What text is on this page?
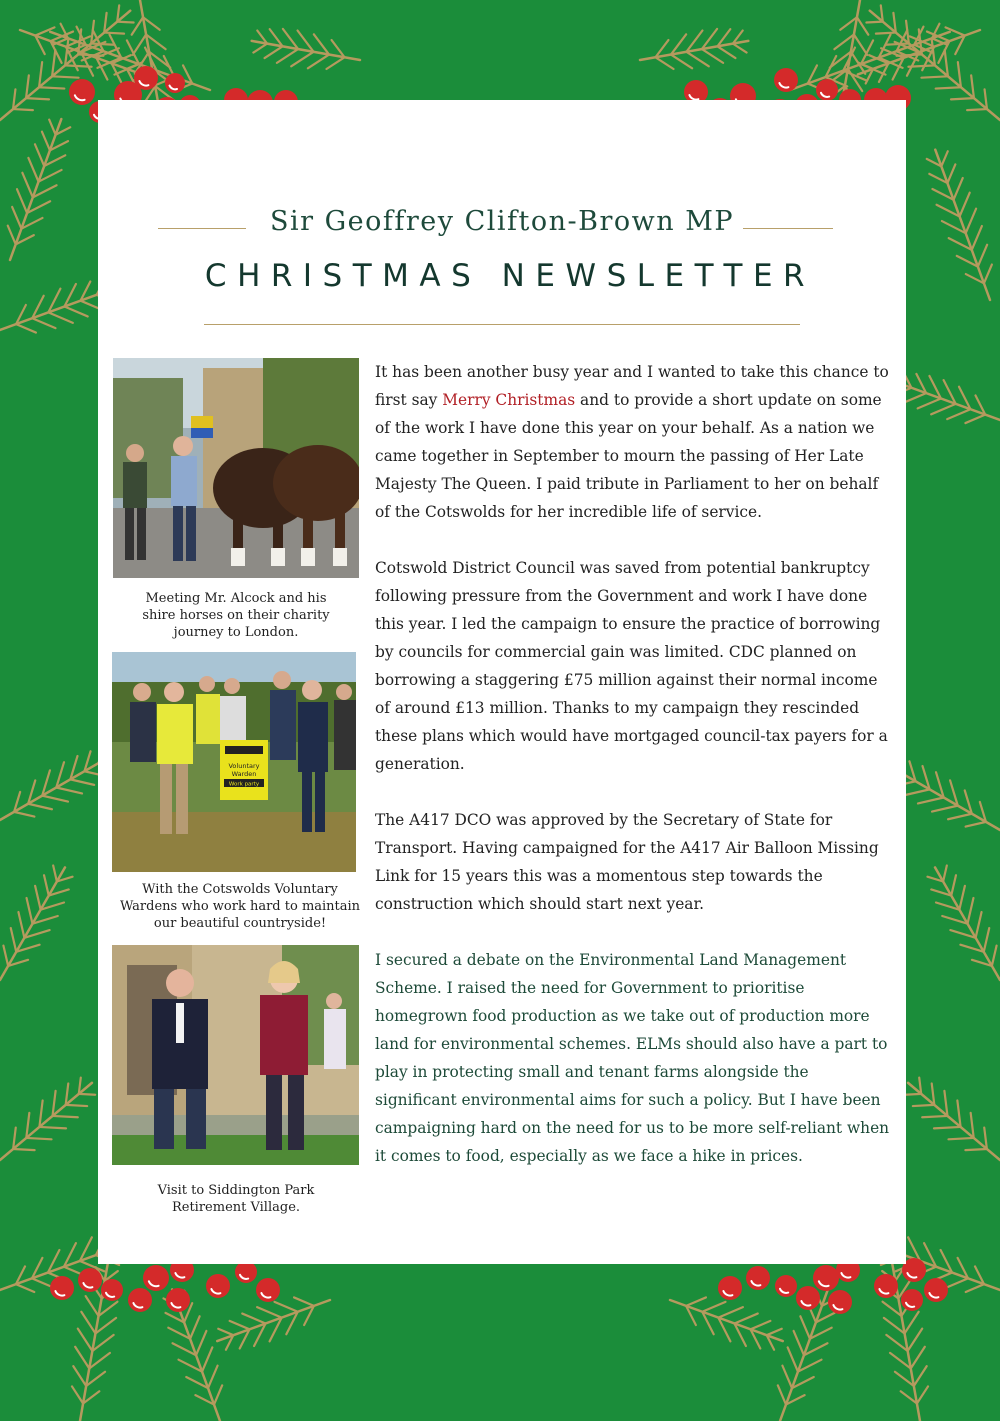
Sir Geoffrey Clifton-Brown MP
CHRISTMAS NEWSLETTER
Meeting Mr. Alcock and his shire horses on their charity journey to London.
Voluntary
Warden
Work party
With the Cotswolds Voluntary Wardens who work hard to maintain our beautiful countryside!
Visit to Siddington Park Retirement Village.

It has been another busy year and I wanted to take this chance to first say Merry Christmas and to provide a short update on some of the work I have done this year on your behalf. As a nation we came together in September to mourn the passing of Her Late Majesty The Queen. I paid tribute in Parliament to her on behalf of the Cotswolds for her incredible life of service.

Cotswold District Council was saved from potential bankruptcy following pressure from the Government and work I have done this year. I led the campaign to ensure the practice of borrowing by councils for commercial gain was limited. CDC planned on borrowing a staggering £75 million against their normal income of around £13 million. Thanks to my campaign they rescinded these plans which would have mortgaged council-tax payers for a generation.

The A417 DCO was approved by the Secretary of State for Transport. Having campaigned for the A417 Air Balloon Missing Link for 15 years this was a momentous step towards the construction which should start next year.

I secured a debate on the Environmental Land Management Scheme. I raised the need for Government to prioritise homegrown food production as we take out of production more land for environmental schemes. ELMs should also have a part to play in protecting small and tenant farms alongside the significant environmental aims for such a policy. But I have been campaigning hard on the need for us to be more self-reliant when it comes to food, especially as we face a hike in prices.
